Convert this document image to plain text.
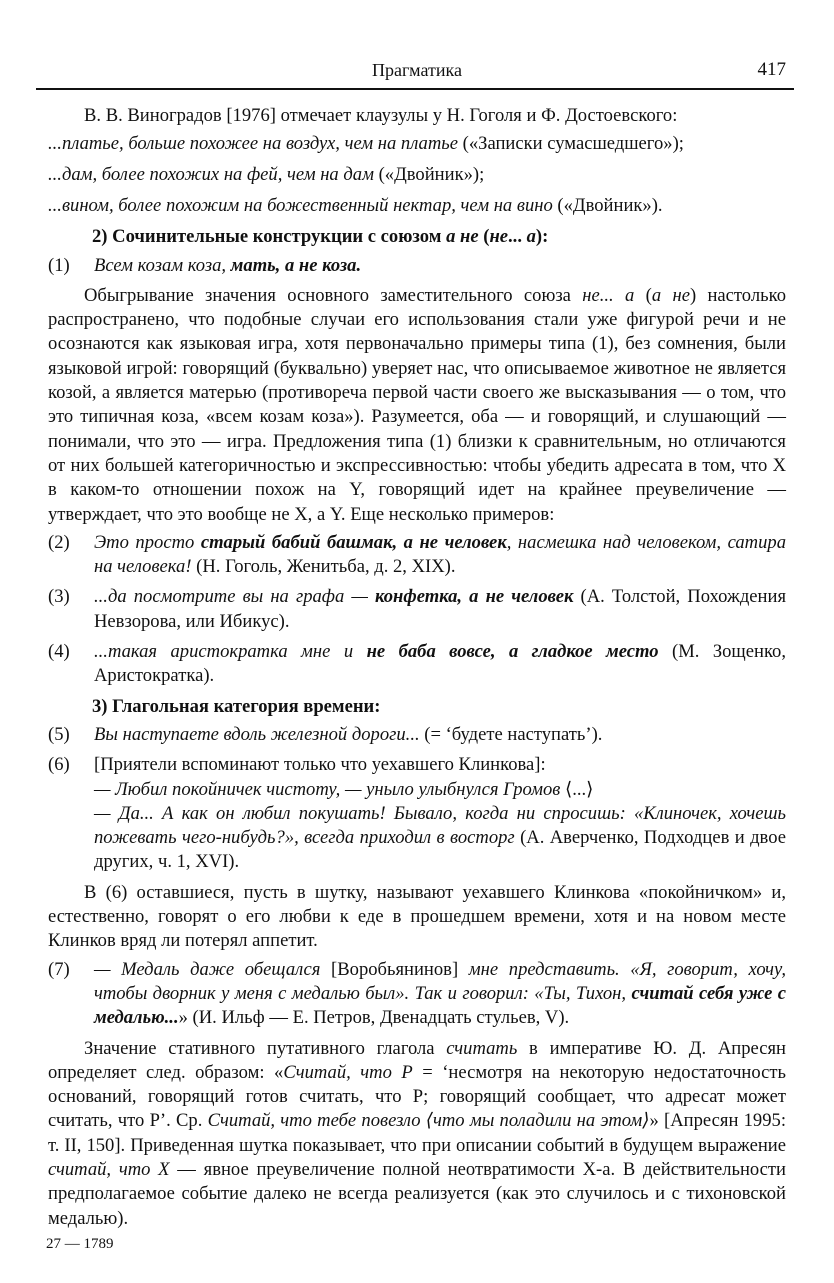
Прагматика	417
В. В. Виноградов [1976] отмечает клаузулы у Н. Гоголя и Ф. Достоевского:
...платье, больше похожее на воздух, чем на платье («Записки сумасшедшего»);
...дам, более похожих на фей, чем на дам («Двойник»);
...вином, более похожим на божественный нектар, чем на вино («Двойник»).
2) Сочинительные конструкции с союзом а не (не... а):
(1) Всем козам коза, мать, а не коза.
Обыгрывание значения основного заместительного союза не... а (а не) настолько распространено, что подобные случаи его использования стали уже фигурой речи и не осознаются как языковая игра, хотя первоначально примеры типа (1), без сомнения, были языковой игрой: говорящий (буквально) уверяет нас, что описываемое животное не является козой, а является матерью (противореча первой части своего же высказывания — о том, что это типичная коза, «всем козам коза»). Разумеется, оба — и говорящий, и слушающий — понимали, что это — игра. Предложения типа (1) близки к сравнительным, но отличаются от них большей категоричностью и экспрессивностью: чтобы убедить адресата в том, что X в каком-то отношении похож на Y, говорящий идет на крайнее преувеличение — утверждает, что это вообще не X, а Y. Еще несколько примеров:
(2) Это просто старый бабий башмак, а не человек, насмешка над человеком, сатира на человека! (Н. Гоголь, Женитьба, д. 2, XIX).
(3) ...да посмотрите вы на графа — конфетка, а не человек (А. Толстой, Похождения Невзорова, или Ибикус).
(4) ...такая аристократка мне и не баба вовсе, а гладкое место (М. Зощенко, Аристократка).
3) Глагольная категория времени:
(5) Вы наступаете вдоль железной дороги... (= ‘будете наступать’).
(6) [Приятели вспоминают только что уехавшего Клинкова]:
— Любил покойничек чистоту, — уныло улыбнулся Громов ⟨...⟩
— Да... А как он любил покушать! Бывало, когда ни спросишь: «Клиночек, хочешь пожевать чего-нибудь?», всегда приходил в восторг (А. Аверченко, Подходцев и двое других, ч. 1, XVI).
В (6) оставшиеся, пусть в шутку, называют уехавшего Клинкова «покойничком» и, естественно, говорят о его любви к еде в прошедшем времени, хотя и на новом месте Клинков вряд ли потерял аппетит.
(7) — Медаль даже обещался [Воробьянинов] мне представить. «Я, говорит, хочу, чтобы дворник у меня с медалью был». Так и говорил: «Ты, Тихон, считай себя уже с медалью...» (И. Ильф — Е. Петров, Двенадцать стульев, V).
Значение стативного путативного глагола считать в императиве Ю. Д. Апресян определяет след. образом: «Считай, что P = ‘несмотря на некоторую недостаточность оснований, говорящий готов считать, что P; говорящий сообщает, что адресат может считать, что P’. Ср. Считай, что тебе повезло ⟨что мы поладили на этом⟩» [Апресян 1995: т. II, 150]. Приведенная шутка показывает, что при описании событий в будущем выражение считай, что X — явное преувеличение полной неотвратимости X-а. В действительности предполагаемое событие далеко не всегда реализуется (как это случилось и с тихоновской медалью).
27 — 1789
